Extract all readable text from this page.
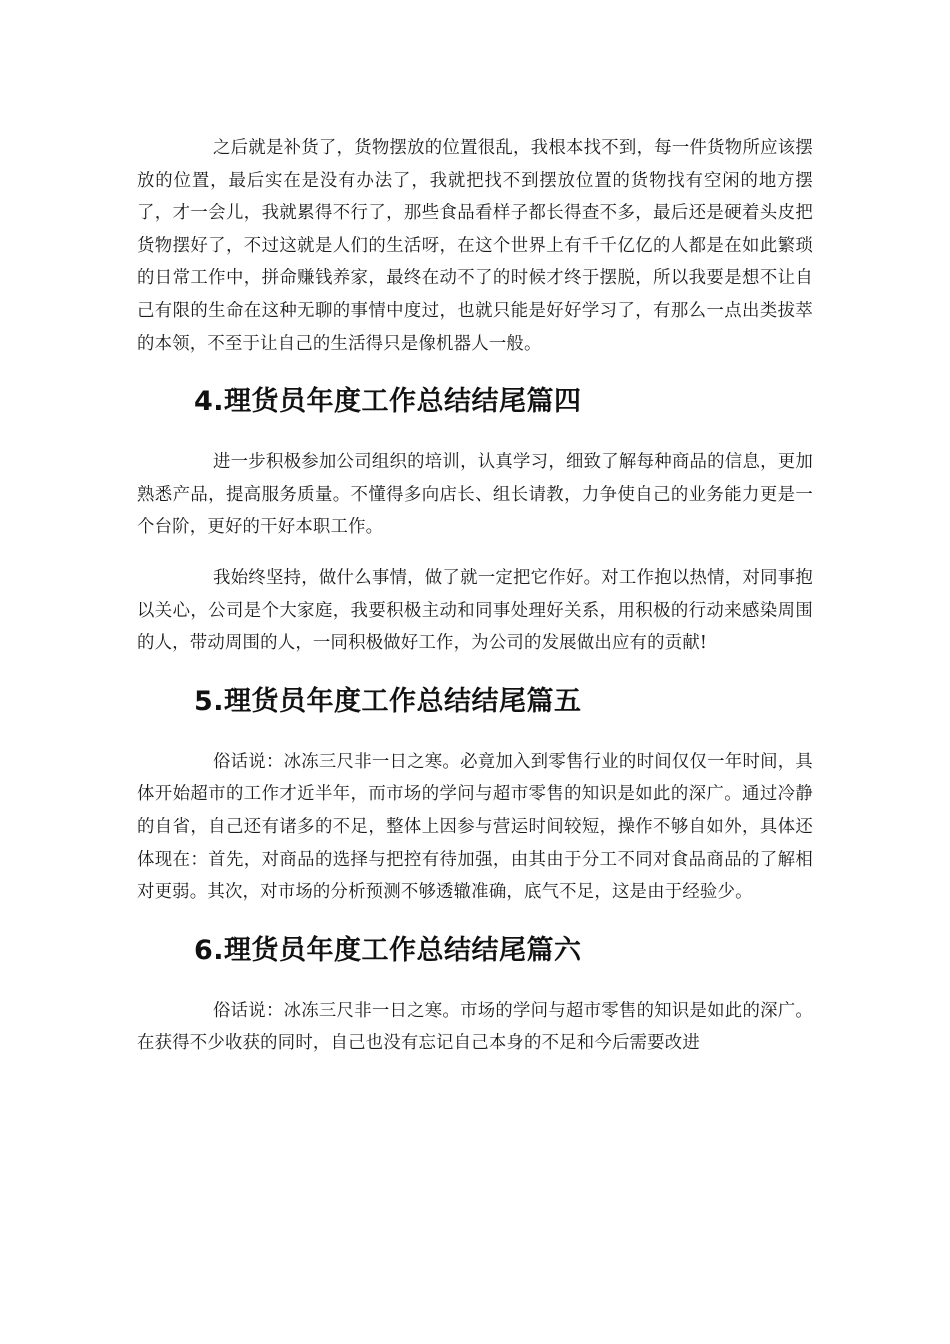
之后就是补货了，货物摆放的位置很乱，我根本找不到，每一件货物所应该摆放的位置，最后实在是没有办法了，我就把找不到摆放位置的货物找有空闲的地方摆了，才一会儿，我就累得不行了，那些食品看样子都长得查不多，最后还是硬着头皮把货物摆好了，不过这就是人们的生活呀，在这个世界上有千千亿亿的人都是在如此繁琐的日常工作中，拼命赚钱养家，最终在动不了的时候才终于摆脱，所以我要是想不让自己有限的生命在这种无聊的事情中度过，也就只能是好好学习了，有那么一点出类拔萃的本领，不至于让自己的生活得只是像机器人一般。

4.理货员年度工作总结结尾篇四

进一步积极参加公司组织的培训，认真学习，细致了解每种商品的信息，更加熟悉产品，提高服务质量。不懂得多向店长、组长请教，力争使自己的业务能力更是一个台阶，更好的干好本职工作。

我始终坚持，做什么事情，做了就一定把它作好。对工作抱以热情，对同事抱以关心，公司是个大家庭，我要积极主动和同事处理好关系，用积极的行动来感染周围的人，带动周围的人，一同积极做好工作，为公司的发展做出应有的贡献!

5.理货员年度工作总结结尾篇五

俗话说：冰冻三尺非一日之寒。必竟加入到零售行业的时间仅仅一年时间，具体开始超市的工作才近半年，而市场的学问与超市零售的知识是如此的深广。通过冷静的自省，自己还有诸多的不足，整体上因参与营运时间较短，操作不够自如外，具体还体现在：首先，对商品的选择与把控有待加强，由其由于分工不同对食品商品的了解相对更弱。其次，对市场的分析预测不够透辙准确，底气不足，这是由于经验少。

6.理货员年度工作总结结尾篇六

俗话说：冰冻三尺非一日之寒。市场的学问与超市零售的知识是如此的深广。在获得不少收获的同时，自己也没有忘记自己本身的不足和今后需要改进
